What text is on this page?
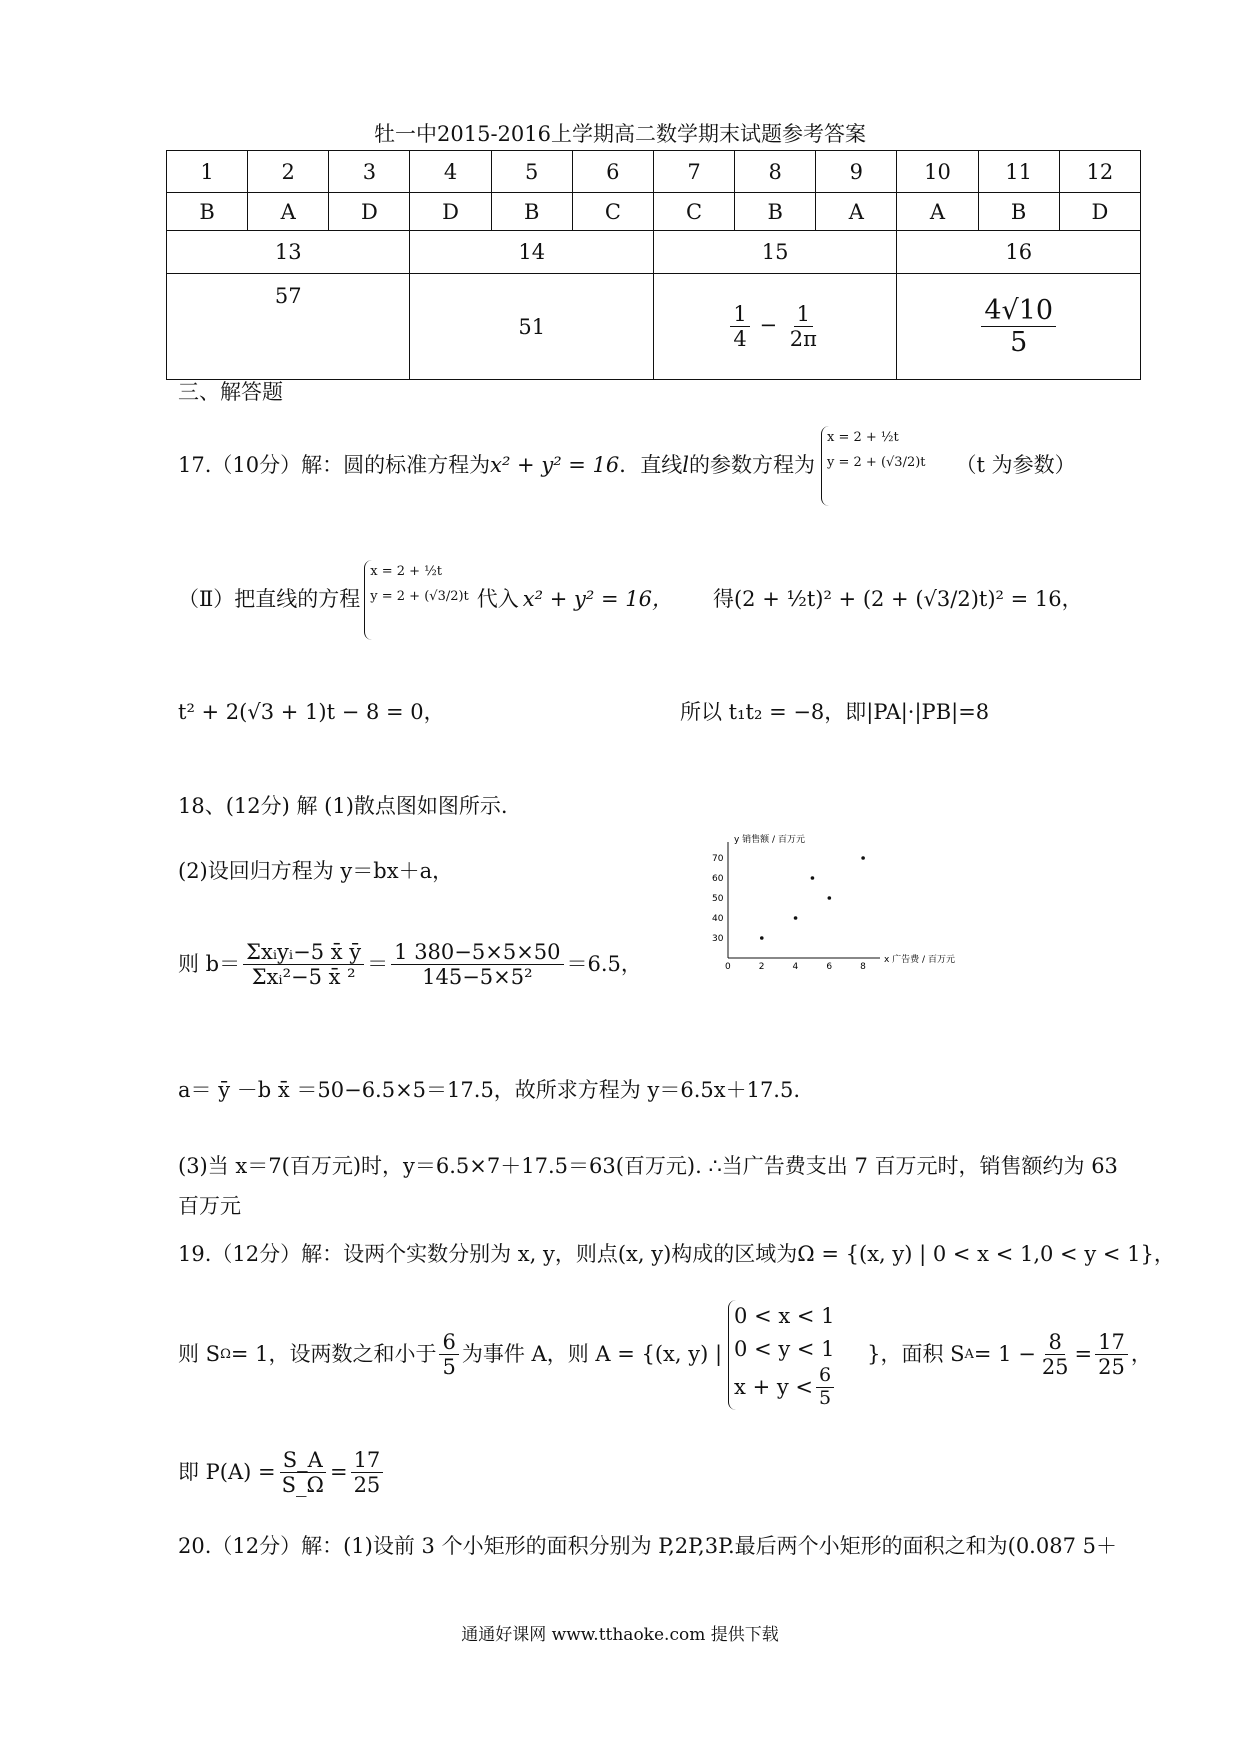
牡一中2015-2016上学期高二数学期末试题参考答案
1	2	3	4	5	6	7	8	9	10	11	12
B	A	D	D	B	C	C	B	A	A	B	D
13			14			15			16		
57			51			$\frac{1}{4} - \frac{1}{2\pi}$			$\frac{4√10}{5}$
三、解答题
17.（10分）解：圆的标准方程为 x² + y² = 16 ．直线 l 的参数方程为
x = 2 + ½t
y = 2 + (√3/2)t （t 为参数）
（Ⅱ）把直线的方程
x = 2 + ½t
y = 2 + (√3/2)t 代入 x² + y² = 16， 得(2 + ½t)² + (2 + (√3/2)t)² = 16，
t² + 2(√3 + 1)t − 8 = 0，	所以 t₁t₂ = −8，即|PA|·|PB|=8
18、(12分) 解 (1)散点图如图所示.
(2)设回归方程为 y＝bx＋a，
则 $b= \frac{\text{Σxᵢyᵢ−5 x̄ ȳ}}{\text{Σxᵢ²−5 x̄ ²}} = \frac{1 380-5\times 5\times 50}{\text{145−5×5²}} =6.5$，
a＝ ȳ －b x̄ ＝50−6.5×5＝17.5，故所求方程为 y＝6.5x＋17.5.
(3)当 x＝7(百万元)时，y＝6.5×7＋17.5＝63(百万元). ∴当广告费支出 7 百万元时，销售额约为 63
百万元
y 销售额 / 百万元
x 广告费 / 百万元
0	2	4	6	8
30
40
50
60
70
19.（12分）解：设两个实数分别为 x, y，则点(x, y)构成的区域为Ω = {(x, y) | 0 < x < 1,0 < y < 1}，
则 S Ω = 1，设两数之和小于 $\frac{6}{5}$ 为事件 A，则 A = {(x, y) |
0 < x < 1
0 < y < 1
$x + y < \frac{6}{5}$
}，面积 S $A = 1 - \frac{8}{25} = \frac{17}{25}$ ，
即 $P(A) = \frac{S\_A}{S\_\Omega} = \frac{17}{25}$
20.（12分）解：(1)设前 3 个小矩形的面积分别为 P,2P,3P.最后两个小矩形的面积之和为(0.087 5＋
通通好课网 www.tthaoke.com 提供下载
